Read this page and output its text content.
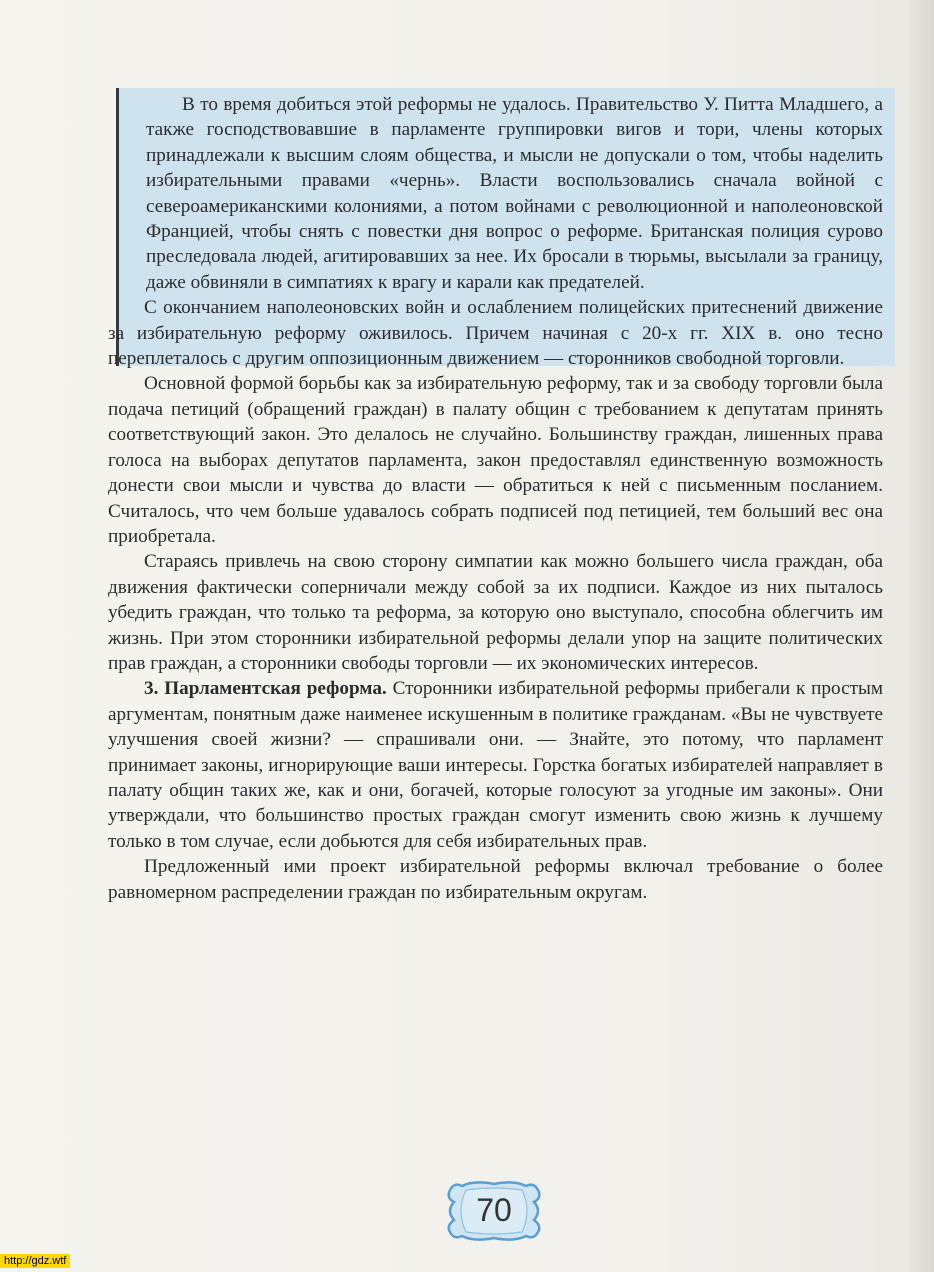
В то время добиться этой реформы не удалось. Правительство У. Питта Младшего, а также господствовавшие в парламенте группировки вигов и тори, члены которых принадлежали к высшим слоям общества, и мысли не допускали о том, чтобы наделить избирательными правами «чернь». Власти воспользовались сначала войной с североамериканскими колониями, а потом войнами с революционной и наполеоновской Францией, чтобы снять с повестки дня вопрос о реформе. Британская полиция сурово преследовала людей, агитировавших за нее. Их бросали в тюрьмы, высылали за границу, даже обвиняли в симпатиях к врагу и карали как предателей.

С окончанием наполеоновских войн и ослаблением полицейских притеснений движение за избирательную реформу оживилось. Причем начиная с 20-х гг. XIX в. оно тесно переплеталось с другим оппозиционным движением — сторонников свободной торговли.

Основной формой борьбы как за избирательную реформу, так и за свободу торговли была подача петиций (обращений граждан) в палату общин с требованием к депутатам принять соответствующий закон. Это делалось не случайно. Большинству граждан, лишенных права голоса на выборах депутатов парламента, закон предоставлял единственную возможность донести свои мысли и чувства до власти — обратиться к ней с письменным посланием. Считалось, что чем больше удавалось собрать подписей под петицией, тем больший вес она приобретала.

Стараясь привлечь на свою сторону симпатии как можно большего числа граждан, оба движения фактически соперничали между собой за их подписи. Каждое из них пыталось убедить граждан, что только та реформа, за которую оно выступало, способна облегчить им жизнь. При этом сторонники избирательной реформы делали упор на защите политических прав граждан, а сторонники свободы торговли — их экономических интересов.

3. Парламентская реформа. Сторонники избирательной реформы прибегали к простым аргументам, понятным даже наименее искушенным в политике гражданам. «Вы не чувствуете улучшения своей жизни? — спрашивали они. — Знайте, это потому, что парламент принимает законы, игнорирующие ваши интересы. Горстка богатых избирателей направляет в палату общин таких же, как и они, богачей, которые голосуют за угодные им законы». Они утверждали, что большинство простых граждан смогут изменить свою жизнь к лучшему только в том случае, если добьются для себя избирательных прав.

Предложенный ими проект избирательной реформы включал требование о более равномерном распределении граждан по избирательным округам.

70
http://gdz.wtf
